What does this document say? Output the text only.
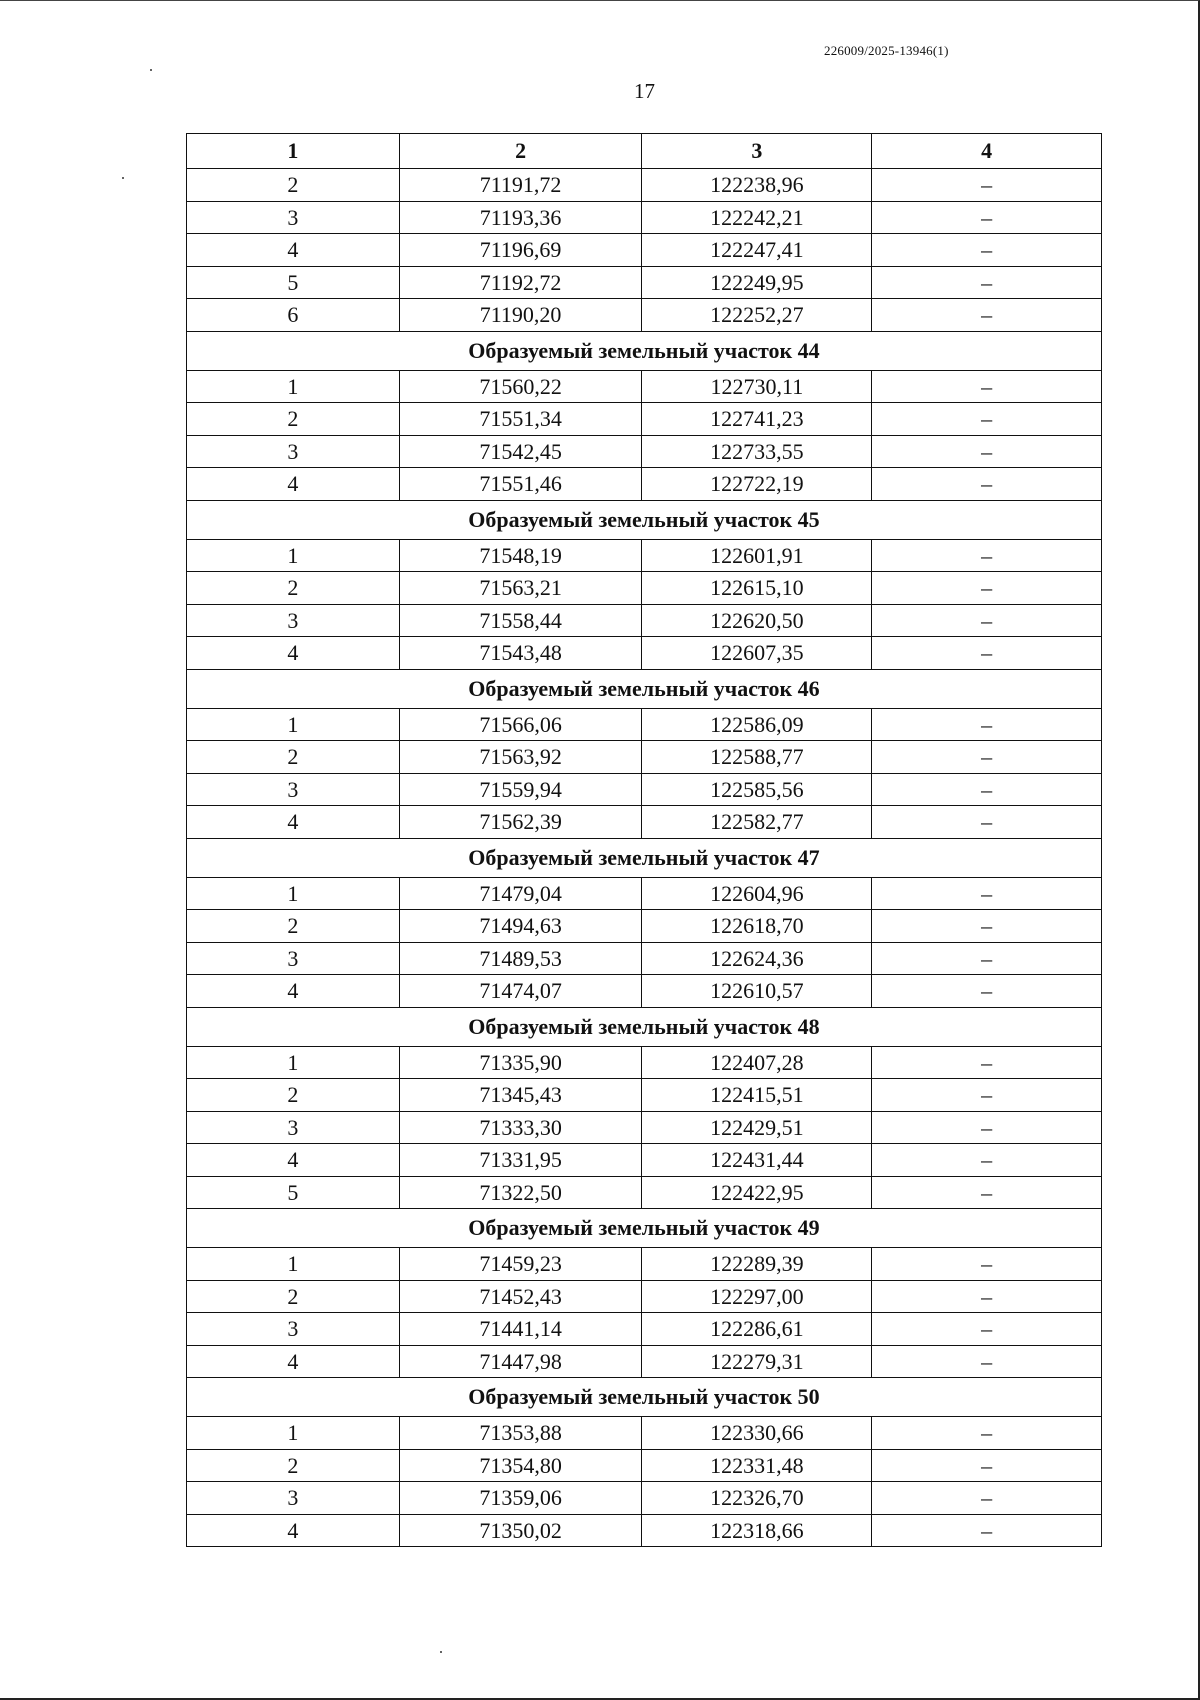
226009/2025-13946(1)
17
1	2	3	4
2	71191,72	122238,96	–
3	71193,36	122242,21	–
4	71196,69	122247,41	–
5	71192,72	122249,95	–
6	71190,20	122252,27	–
Образуемый земельный участок 44			
1	71560,22	122730,11	–
2	71551,34	122741,23	–
3	71542,45	122733,55	–
4	71551,46	122722,19	–
Образуемый земельный участок 45			
1	71548,19	122601,91	–
2	71563,21	122615,10	–
3	71558,44	122620,50	–
4	71543,48	122607,35	–
Образуемый земельный участок 46			
1	71566,06	122586,09	–
2	71563,92	122588,77	–
3	71559,94	122585,56	–
4	71562,39	122582,77	–
Образуемый земельный участок 47			
1	71479,04	122604,96	–
2	71494,63	122618,70	–
3	71489,53	122624,36	–
4	71474,07	122610,57	–
Образуемый земельный участок 48			
1	71335,90	122407,28	–
2	71345,43	122415,51	–
3	71333,30	122429,51	–
4	71331,95	122431,44	–
5	71322,50	122422,95	–
Образуемый земельный участок 49			
1	71459,23	122289,39	–
2	71452,43	122297,00	–
3	71441,14	122286,61	–
4	71447,98	122279,31	–
Образуемый земельный участок 50			
1	71353,88	122330,66	–
2	71354,80	122331,48	–
3	71359,06	122326,70	–
4	71350,02	122318,66	–
